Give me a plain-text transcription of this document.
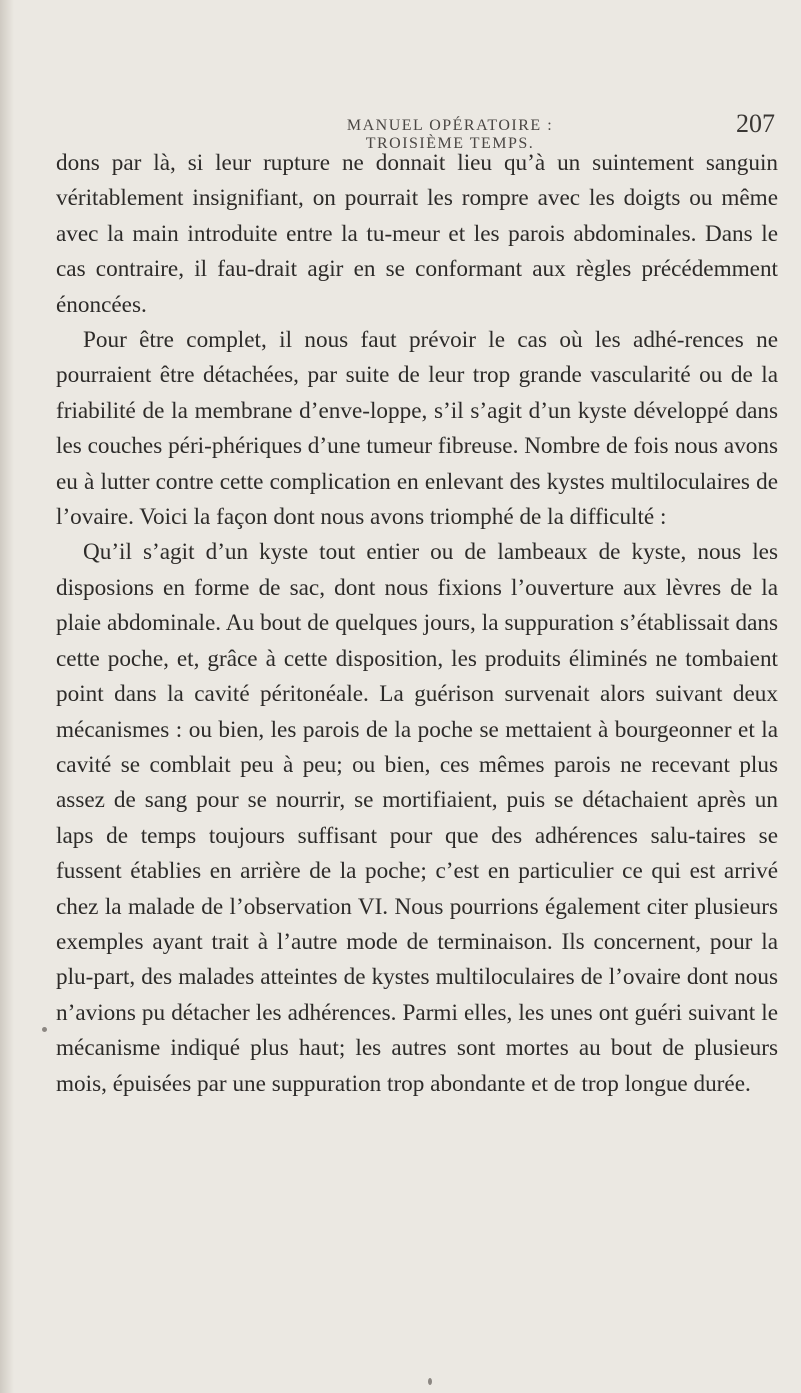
MANUEL OPÉRATOIRE : TROISIÈME TEMPS.
207

dons par là, si leur rupture ne donnait lieu qu’à un suintement sanguin véritablement insignifiant, on pourrait les rompre avec les doigts ou même avec la main introduite entre la tu-meur et les parois abdominales. Dans le cas contraire, il fau-drait agir en se conformant aux règles précédemment énoncées.

Pour être complet, il nous faut prévoir le cas où les adhé-rences ne pourraient être détachées, par suite de leur trop grande vascularité ou de la friabilité de la membrane d’enve-loppe, s’il s’agit d’un kyste développé dans les couches péri-phériques d’une tumeur fibreuse. Nombre de fois nous avons eu à lutter contre cette complication en enlevant des kystes multiloculaires de l’ovaire. Voici la façon dont nous avons triomphé de la difficulté :

Qu’il s’agit d’un kyste tout entier ou de lambeaux de kyste, nous les disposions en forme de sac, dont nous fixions l’ouverture aux lèvres de la plaie abdominale. Au bout de quelques jours, la suppuration s’établissait dans cette poche, et, grâce à cette disposition, les produits éliminés ne tombaient point dans la cavité péritonéale. La guérison survenait alors suivant deux mécanismes : ou bien, les parois de la poche se mettaient à bourgeonner et la cavité se comblait peu à peu; ou bien, ces mêmes parois ne recevant plus assez de sang pour se nourrir, se mortifiaient, puis se détachaient après un laps de temps toujours suffisant pour que des adhérences salu-taires se fussent établies en arrière de la poche; c’est en particulier ce qui est arrivé chez la malade de l’observation VI. Nous pourrions également citer plusieurs exemples ayant trait à l’autre mode de terminaison. Ils concernent, pour la plu-part, des malades atteintes de kystes multiloculaires de l’ovaire dont nous n’avions pu détacher les adhérences. Parmi elles, les unes ont guéri suivant le mécanisme indiqué plus haut; les autres sont mortes au bout de plusieurs mois, épuisées par une suppuration trop abondante et de trop longue durée.
